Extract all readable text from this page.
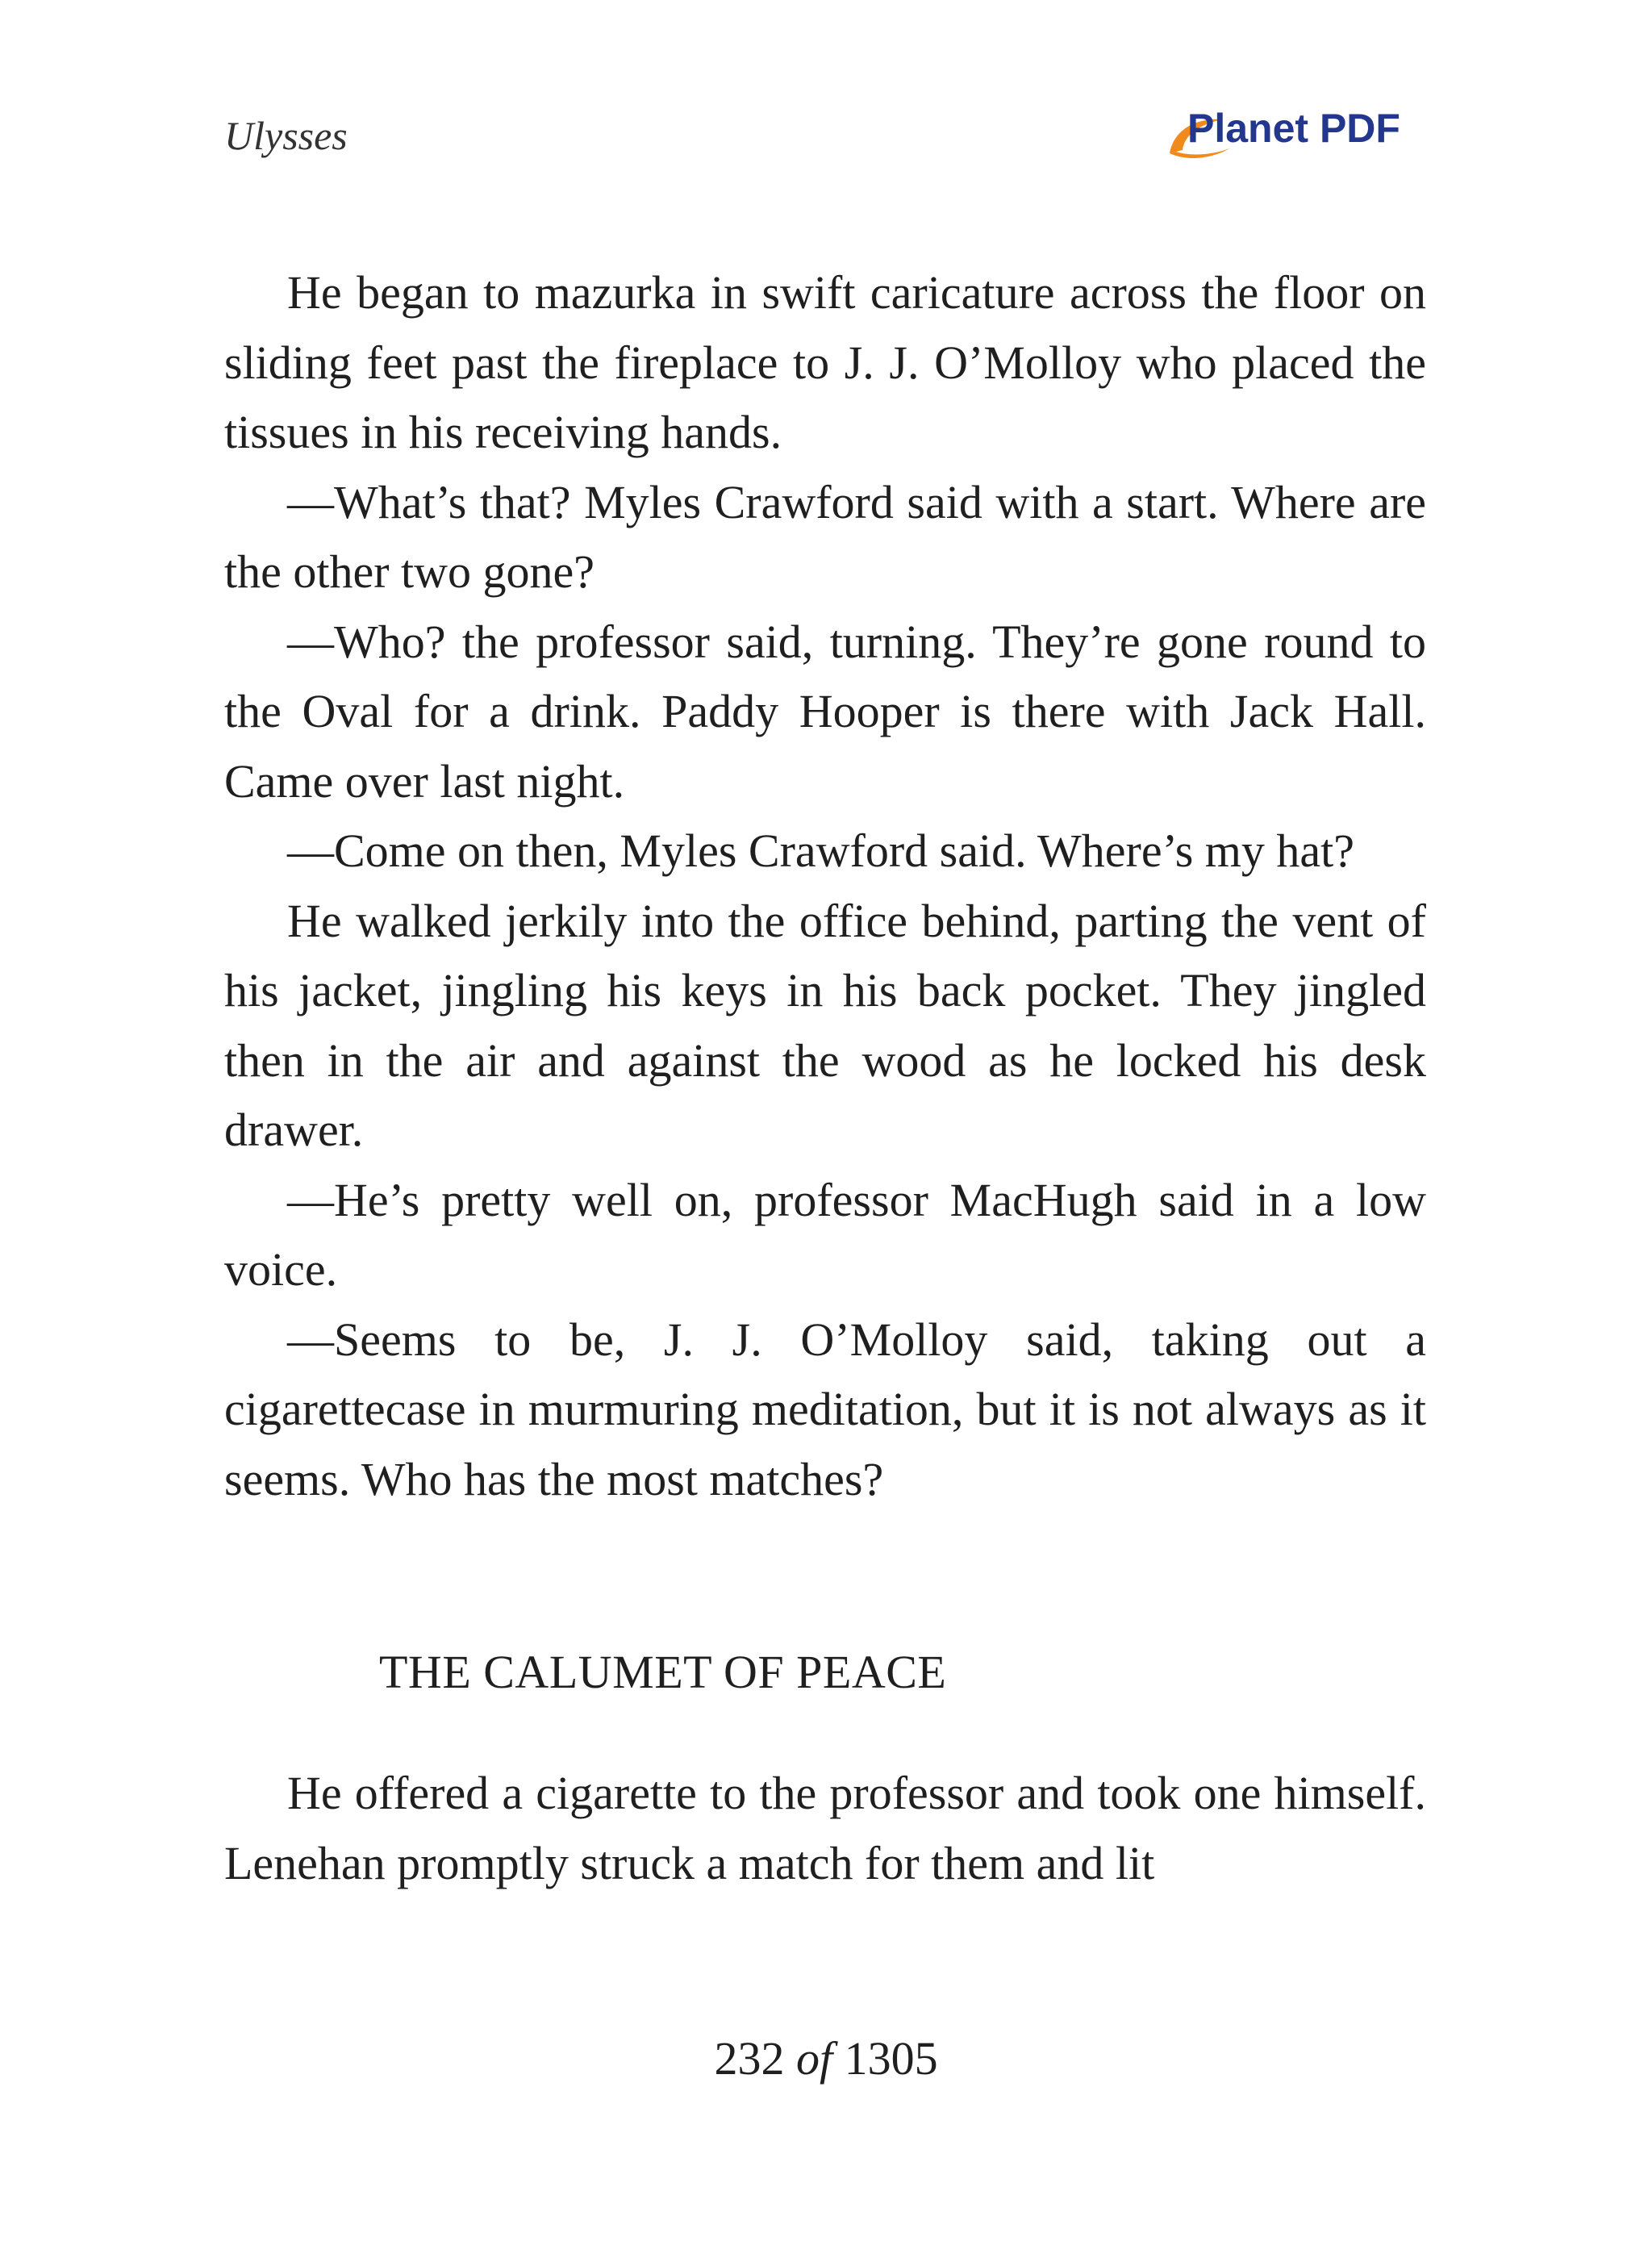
Ulysses	Planet PDF

He began to mazurka in swift caricature across the floor on sliding feet past the fireplace to J. J. O’Molloy who placed the tissues in his receiving hands.

—What’s that? Myles Crawford said with a start. Where are the other two gone?

—Who? the professor said, turning. They’re gone round to the Oval for a drink. Paddy Hooper is there with Jack Hall. Came over last night.

—Come on then, Myles Crawford said. Where’s my hat?

He walked jerkily into the office behind, parting the vent of his jacket, jingling his keys in his back pocket. They jingled then in the air and against the wood as he locked his desk drawer.

—He’s pretty well on, professor MacHugh said in a low voice.

—Seems to be, J. J. O’Molloy said, taking out a cigarettecase in murmuring meditation, but it is not always as it seems. Who has the most matches?

THE CALUMET OF PEACE

He offered a cigarette to the professor and took one himself. Lenehan promptly struck a match for them and lit

232 of 1305
